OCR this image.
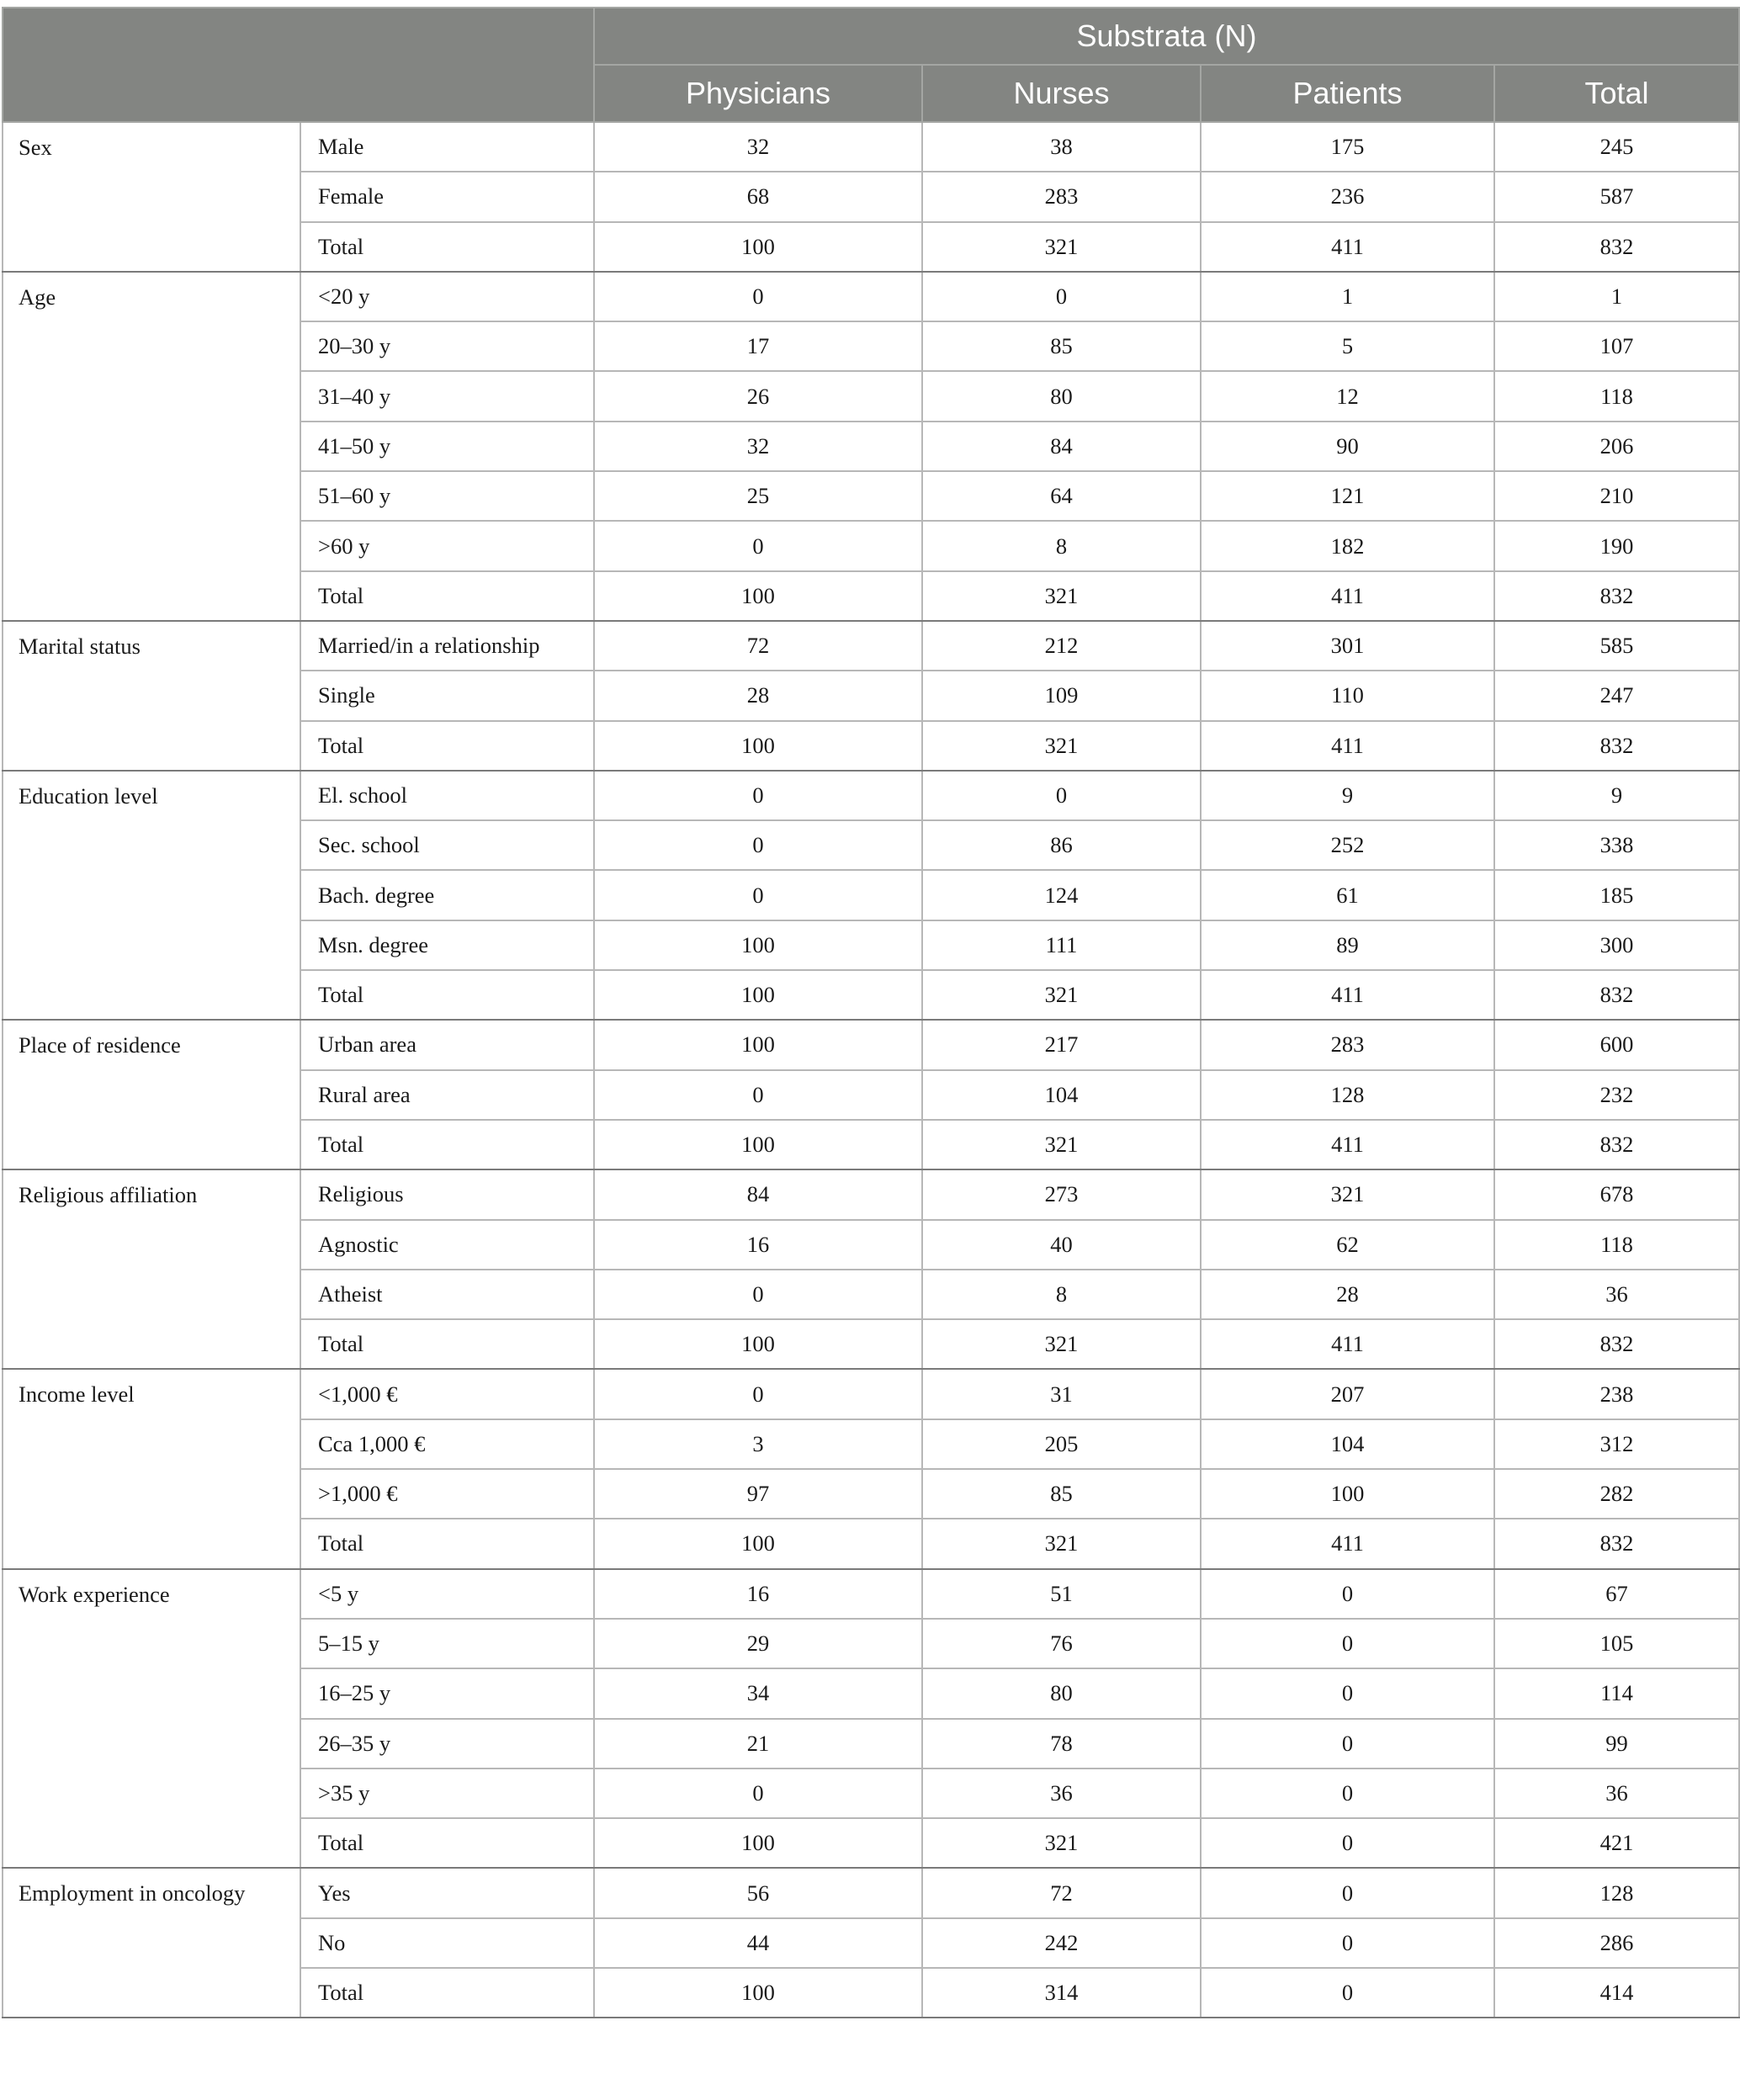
		Substrata (N)			
		Physicians	Nurses	Patients	Total
Sex	Male	32	38	175	245
	Female	68	283	236	587
	Total	100	321	411	832
Age	<20 y	0	0	1	1
	20–30 y	17	85	5	107
	31–40 y	26	80	12	118
	41–50 y	32	84	90	206
	51–60 y	25	64	121	210
	>60 y	0	8	182	190
	Total	100	321	411	832
Marital status	Married/in a relationship	72	212	301	585
	Single	28	109	110	247
	Total	100	321	411	832
Education level	El. school	0	0	9	9
	Sec. school	0	86	252	338
	Bach. degree	0	124	61	185
	Msn. degree	100	111	89	300
	Total	100	321	411	832
Place of residence	Urban area	100	217	283	600
	Rural area	0	104	128	232
	Total	100	321	411	832
Religious affiliation	Religious	84	273	321	678
	Agnostic	16	40	62	118
	Atheist	0	8	28	36
	Total	100	321	411	832
Income level	<1,000 €	0	31	207	238
	Cca 1,000 €	3	205	104	312
	>1,000 €	97	85	100	282
	Total	100	321	411	832
Work experience	<5 y	16	51	0	67
	5–15 y	29	76	0	105
	16–25 y	34	80	0	114
	26–35 y	21	78	0	99
	>35 y	0	36	0	36
	Total	100	321	0	421
Employment in oncology	Yes	56	72	0	128
	No	44	242	0	286
	Total	100	314	0	414
